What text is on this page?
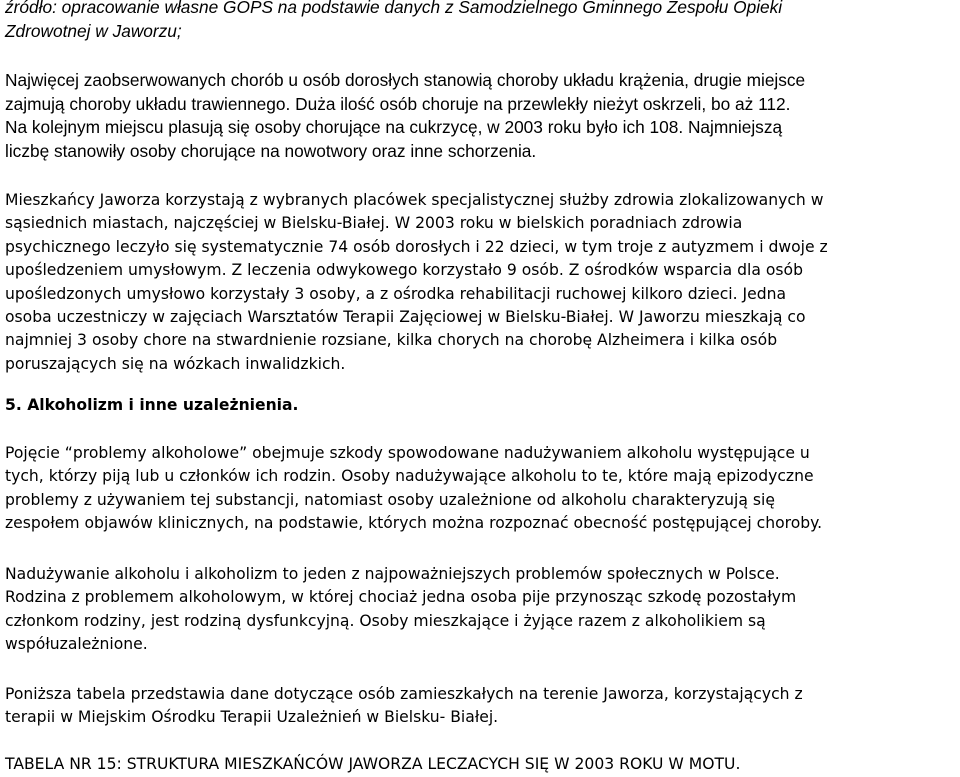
źródło: opracowanie własne GOPS na podstawie danych z Samodzielnego Gminnego Zespołu Opieki

Zdrowotnej w Jaworzu;

Najwięcej zaobserwowanych chorób u osób dorosłych stanowią choroby układu krążenia, drugie miejsce

zajmują choroby układu trawiennego. Duża ilość osób choruje na przewlekły nieżyt oskrzeli, bo aż 112.

Na kolejnym miejscu plasują się osoby chorujące na cukrzycę, w 2003 roku było ich 108. Najmniejszą

liczbę stanowiły osoby chorujące na nowotwory oraz inne schorzenia.

Mieszkańcy Jaworza korzystają z wybranych placówek specjalistycznej służby zdrowia zlokalizowanych w

sąsiednich miastach, najczęściej w Bielsku-Białej. W 2003 roku w bielskich poradniach zdrowia

psychicznego leczyło się systematycznie 74 osób dorosłych i 22 dzieci, w tym troje z autyzmem i dwoje z

upośledzeniem umysłowym. Z leczenia odwykowego korzystało 9 osób. Z ośrodków wsparcia dla osób

upośledzonych umysłowo korzystały 3 osoby, a z ośrodka rehabilitacji ruchowej kilkoro dzieci. Jedna

osoba uczestniczy w zajęciach Warsztatów Terapii Zajęciowej w Bielsku-Białej. W Jaworzu mieszkają co

najmniej 3 osoby chore na stwardnienie rozsiane, kilka chorych na chorobę Alzheimera i kilka osób

poruszających się na wózkach inwalidzkich.

5. Alkoholizm i inne uzależnienia.

Pojęcie “problemy alkoholowe” obejmuje szkody spowodowane nadużywaniem alkoholu występujące u

tych, którzy piją lub u członków ich rodzin. Osoby nadużywające alkoholu to te, które mają epizodyczne

problemy z używaniem tej substancji, natomiast osoby uzależnione od alkoholu charakteryzują się

zespołem objawów klinicznych, na podstawie, których można rozpoznać obecność postępującej choroby.

Nadużywanie alkoholu i alkoholizm to jeden z najpoważniejszych problemów społecznych w Polsce.

Rodzina z problemem alkoholowym, w której chociaż jedna osoba pije przynosząc szkodę pozostałym

członkom rodziny, jest rodziną dysfunkcyjną. Osoby mieszkające i żyjące razem z alkoholikiem są

współuzależnione.

Poniższa tabela przedstawia dane dotyczące osób zamieszkałych na terenie Jaworza, korzystających z

terapii w Miejskim Ośrodku Terapii Uzależnień w Bielsku- Białej.

TABELA NR 15: STRUKTURA MIESZKAŃCÓW JAWORZA LECZACYCH SIĘ W 2003 ROKU W MOTU.
